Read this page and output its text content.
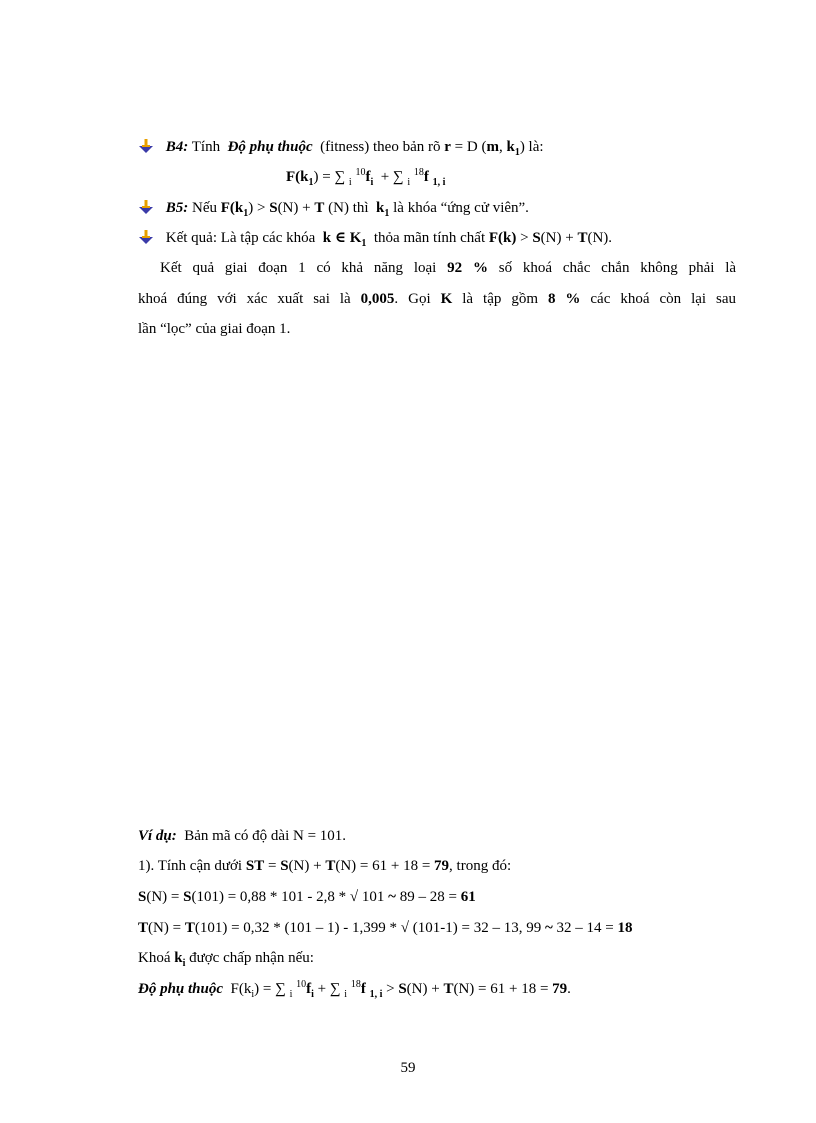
B4: Tính Độ phụ thuộc (fitness) theo bản rõ r = D (m, $k_1$) là:
$F(k_1)$ = ∑ $_i$ $^{10}f_i$ + ∑ $_i$ $^{18}$f $_{1, i}$
B5: Nếu $F(k_1) > S(N) + T$ (N) thì $k_1$ là khóa “ứng cử viên”.
Kết quả: Là tập các khóa k ∈ $K_1$ thỏa mãn tính chất F(k) > S(N) + T(N).
Kết quả giai đoạn 1 có khả năng loại 92 % số khoá chắc chắn không phải là
khoá đúng với xác xuất sai là 0,005. Gọi K là tập gồm 8 % các khoá còn lại sau
lần “lọc” của giai đoạn 1.
Ví dụ: Bản mã có độ dài N = 101.
1). Tính cận dưới ST = S(N) + T(N) = 61 + 18 = 79, trong đó:
S(N) = S(101) = 0,88 * 101 - 2,8 * √ 101 ~ 89 – 28 = 61
T(N) = T(101) = 0,32 * (101 – 1) - 1,399 * √ (101-1) = 32 – 13, 99 ~ 32 – 14 = 18
Khoá $k_i$ được chấp nhận nếu:
Độ phụ thuộc $F(k_i)$ = ∑ $_i$ $^{10}f_i$ + ∑ $_i$ $^{18}$f $_{1, i}$ > S(N) + T(N) = 61 + 18 = 79.
59
